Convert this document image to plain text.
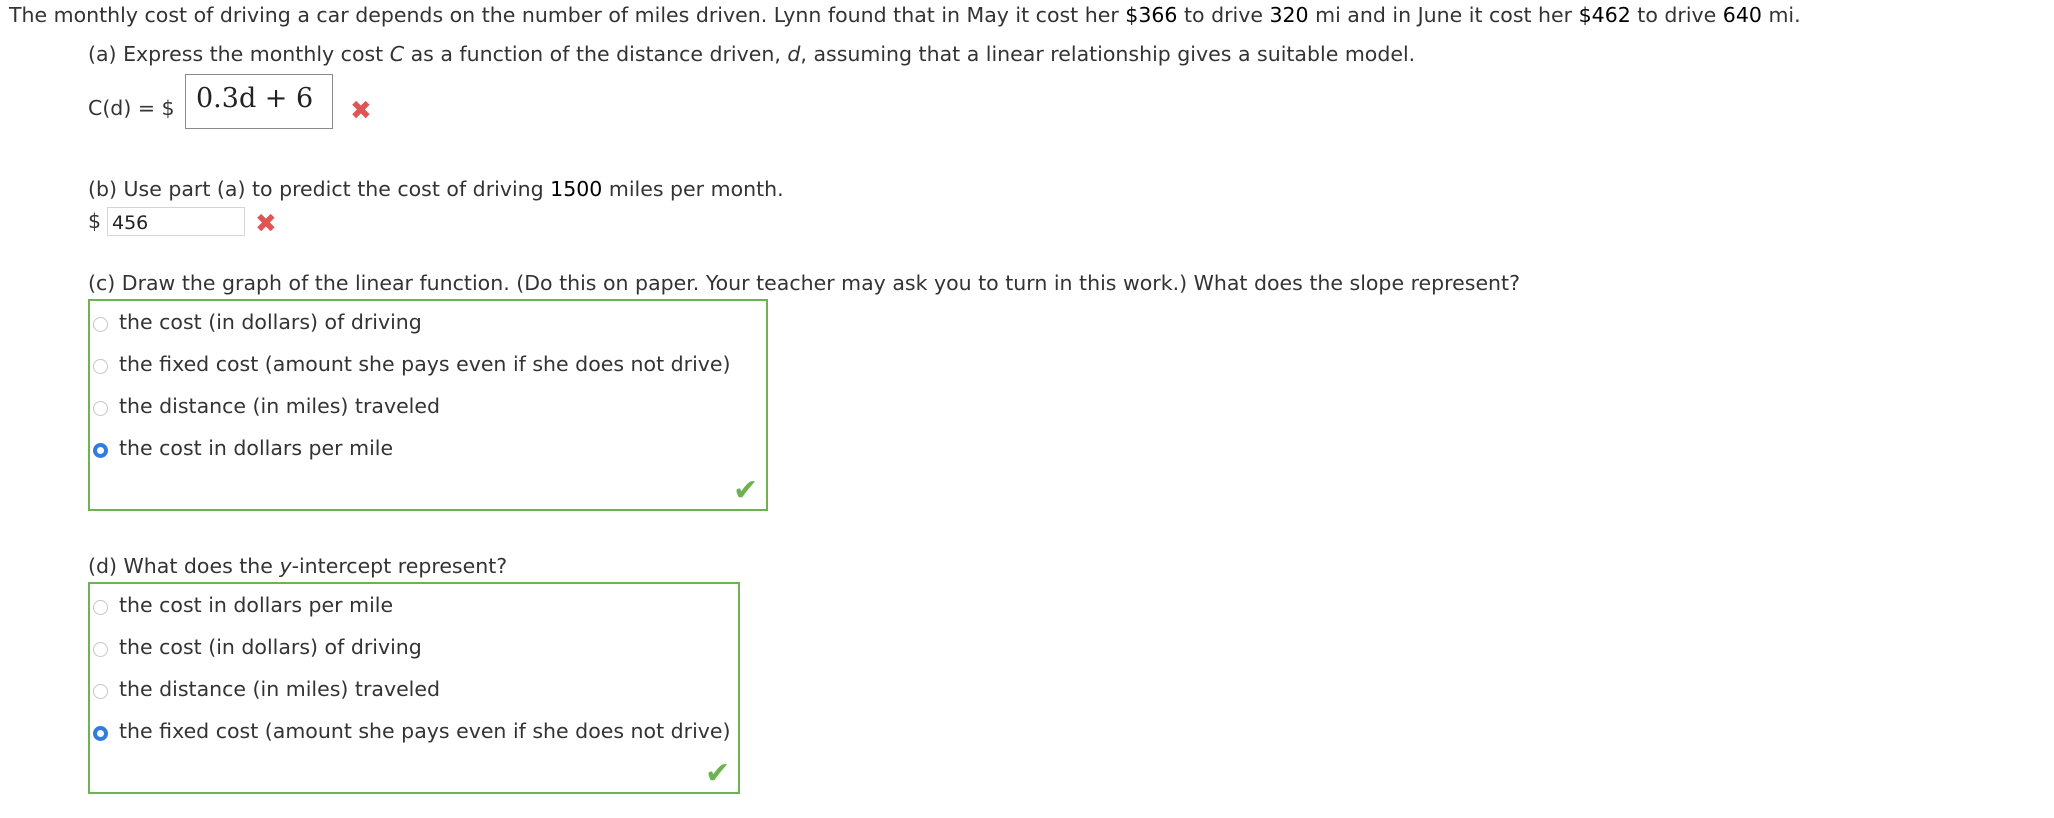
The monthly cost of driving a car depends on the number of miles driven. Lynn found that in May it cost her $366 to drive 320 mi and in June it cost her $462 to drive 640 mi.
(a) Express the monthly cost C as a function of the distance driven, d, assuming that a linear relationship gives a suitable model.
C(d) = $ 0.3d + 6	✖
(b) Use part (a) to predict the cost of driving 1500 miles per month.
$
456	✖
(c) Draw the graph of the linear function. (Do this on paper. Your teacher may ask you to turn in this work.) What does the slope represent?
the cost (in dollars) of driving
the fixed cost (amount she pays even if she does not drive)
the distance (in miles) traveled
the cost in dollars per mile
✔
(d) What does the y-intercept represent?
the cost in dollars per mile
the cost (in dollars) of driving
the distance (in miles) traveled
the fixed cost (amount she pays even if she does not drive)
✔
